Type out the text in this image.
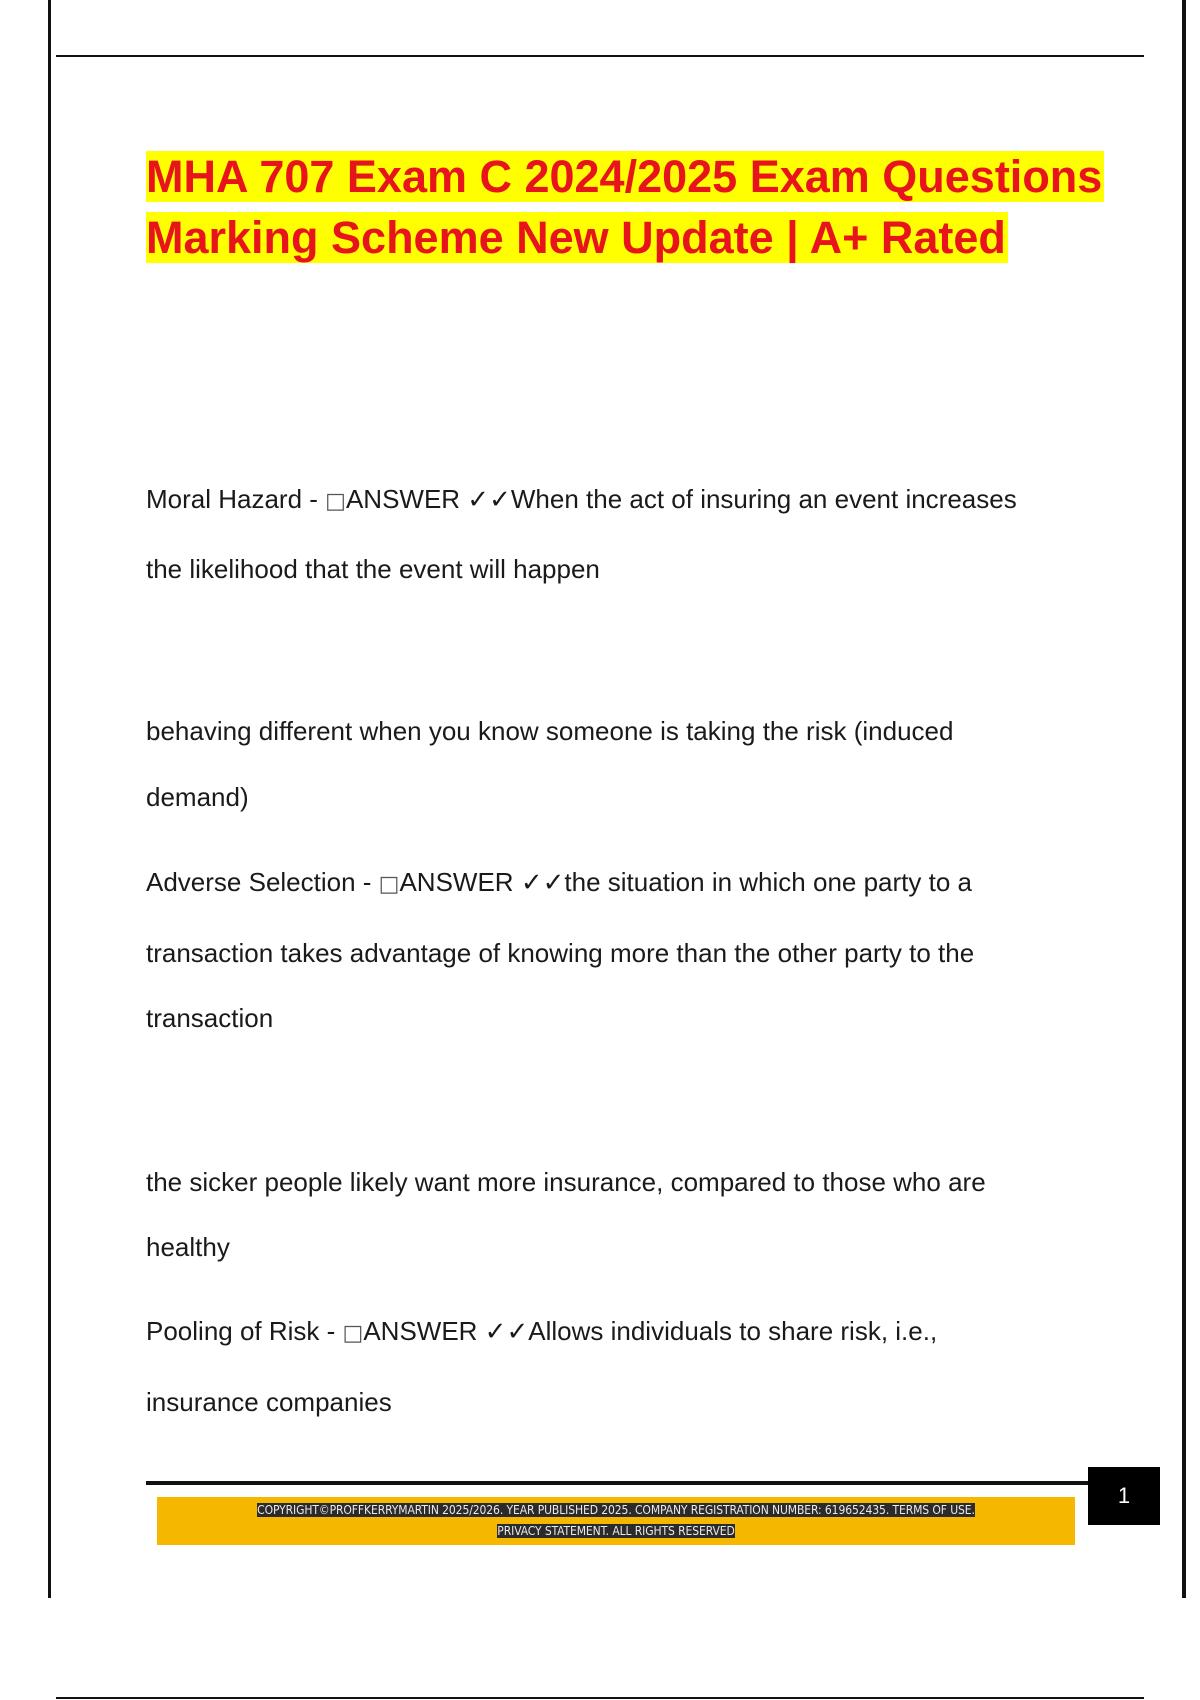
MHA 707 Exam C 2024/2025 Exam Questions Marking Scheme New Update | A+ Rated

Moral Hazard - □ANSWER ✓✓When the act of insuring an event increases

the likelihood that the event will happen

behaving different when you know someone is taking the risk (induced

demand)

Adverse Selection - □ANSWER ✓✓the situation in which one party to a

transaction takes advantage of knowing more than the other party to the

transaction

the sicker people likely want more insurance, compared to those who are

healthy

Pooling of Risk - □ANSWER ✓✓Allows individuals to share risk, i.e.,

insurance companies

1

COPYRIGHT©PROFFKERRYMARTIN 2025/2026. YEAR PUBLISHED 2025. COMPANY REGISTRATION NUMBER: 619652435. TERMS OF USE.
PRIVACY STATEMENT. ALL RIGHTS RESERVED
